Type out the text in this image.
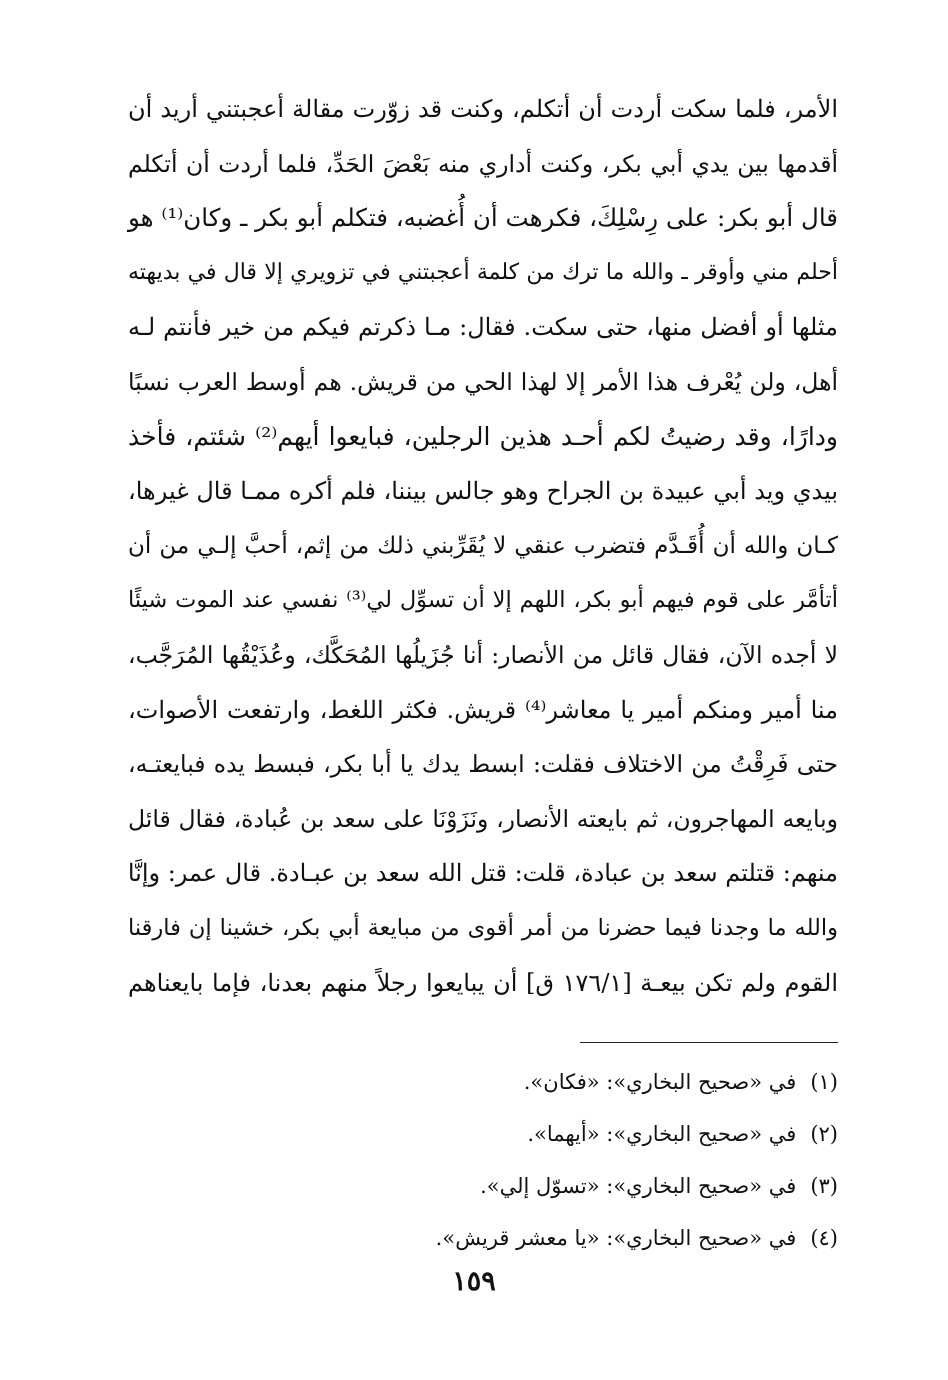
الأمر، فلما سكت أردت أن أتكلم، وكنت قد زوّرت مقالة أعجبتني أريد أن
أقدمها بين يدي أبي بكر، وكنت أداري منه بَعْضَ الحَدِّ، فلما أردت أن أتكلم
قال أبو بكر: على رِسْلِكَ، فكرهت أن أُغضبه، فتكلم أبو بكر ـ وكان⁽¹⁾ هو
أحلم مني وأوقر ـ والله ما ترك من كلمة أعجبتني في تزويري إلا قال في بديهته
مثلها أو أفضل منها، حتى سكت. فقال: مـا ذكرتم فيكم من خير فأنتم لـه
أهل، ولن يُعْرف هذا الأمر إلا لهذا الحي من قريش. هم أوسط العرب نسبًا
ودارًا، وقد رضيتُ لكم أحـد هذين الرجلين، فبايعوا أيهم⁽²⁾ شئتم، فأخذ
بيدي ويد أبي عبيدة بن الجراح وهو جالس بيننا، فلم أكره ممـا قال غيرها،
كـان والله أن أُقَـدَّم فتضرب عنقي لا يُقَرِّبني ذلك من إثم، أحبَّ إلـي من أن
أتأمَّر على قوم فيهم أبو بكر، اللهم إلا أن تسوِّل لي⁽³⁾ نفسي عند الموت شيئًا
لا أجده الآن، فقال قائل من الأنصار: أنا جُزَيلُها المُحَكَّك، وعُذَيْقُها المُرَجَّب،
منا أمير ومنكم أمير يا معاشر⁽⁴⁾ قريش. فكثر اللغط، وارتفعت الأصوات،
حتى فَرِقْتُ من الاختلاف فقلت: ابسط يدك يا أبا بكر، فبسط يده فبايعتـه،
وبايعه المهاجرون، ثم بايعته الأنصار، ونَزَوْنَا على سعد بن عُبادة، فقال قائل
منهم: قتلتم سعد بن عبادة، قلت: قتل الله سعد بن عبـادة. قال عمر: وإنَّا
والله ما وجدنا فيما حضرنا من أمر أقوى من مبايعة أبي بكر، خشينا إن فارقنا
القوم ولم تكن بيعـة [١٧٦/١ ق] أن يبايعوا رجلاً منهم بعدنا، فإما بايعناهم
(١)في «صحيح البخاري»: «فكان».
(٢)في «صحيح البخاري»: «أيهما».
(٣)في «صحيح البخاري»: «تسوّل إلي».
(٤)في «صحيح البخاري»: «يا معشر قريش».
١٥٩
